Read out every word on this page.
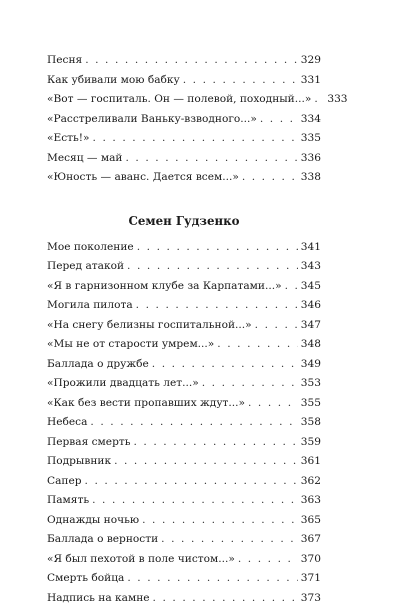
Песня . . .	329
Как убивали мою бабку . . .	331
«Вот — госпиталь. Он — полевой, походный...» . . . 333
«Расстреливали Ваньку-взводного...» . . .	334
«Есть!» . . .	335
Месяц — май . . .	336
«Юность — аванс. Дается всем...» . . .	338
Семен Гудзенко
Мое поколение . . .	341
Перед атакой . . .	343
«Я в гарнизонном клубе за Карпатами...» . . . 345
Могила пилота . . .	346
«На снегу белизны госпитальной...» . . .	347
«Мы не от старости умрем...» . . .	348
Баллада о дружбе . . .	349
«Прожили двадцать лет...» . . .	353
«Как без вести пропавших ждут...» . . .	355
Небеса . . .	358
Первая смерть . . .	359
Подрывник . . .	361
Сапер . . .	362
Память . . .	363
Однажды ночью . . .	365
Баллада о верности . . .	367
«Я был пехотой в поле чистом...» . . .	370
Смерть бойца . . .	371
Надпись на камне . . .	373
